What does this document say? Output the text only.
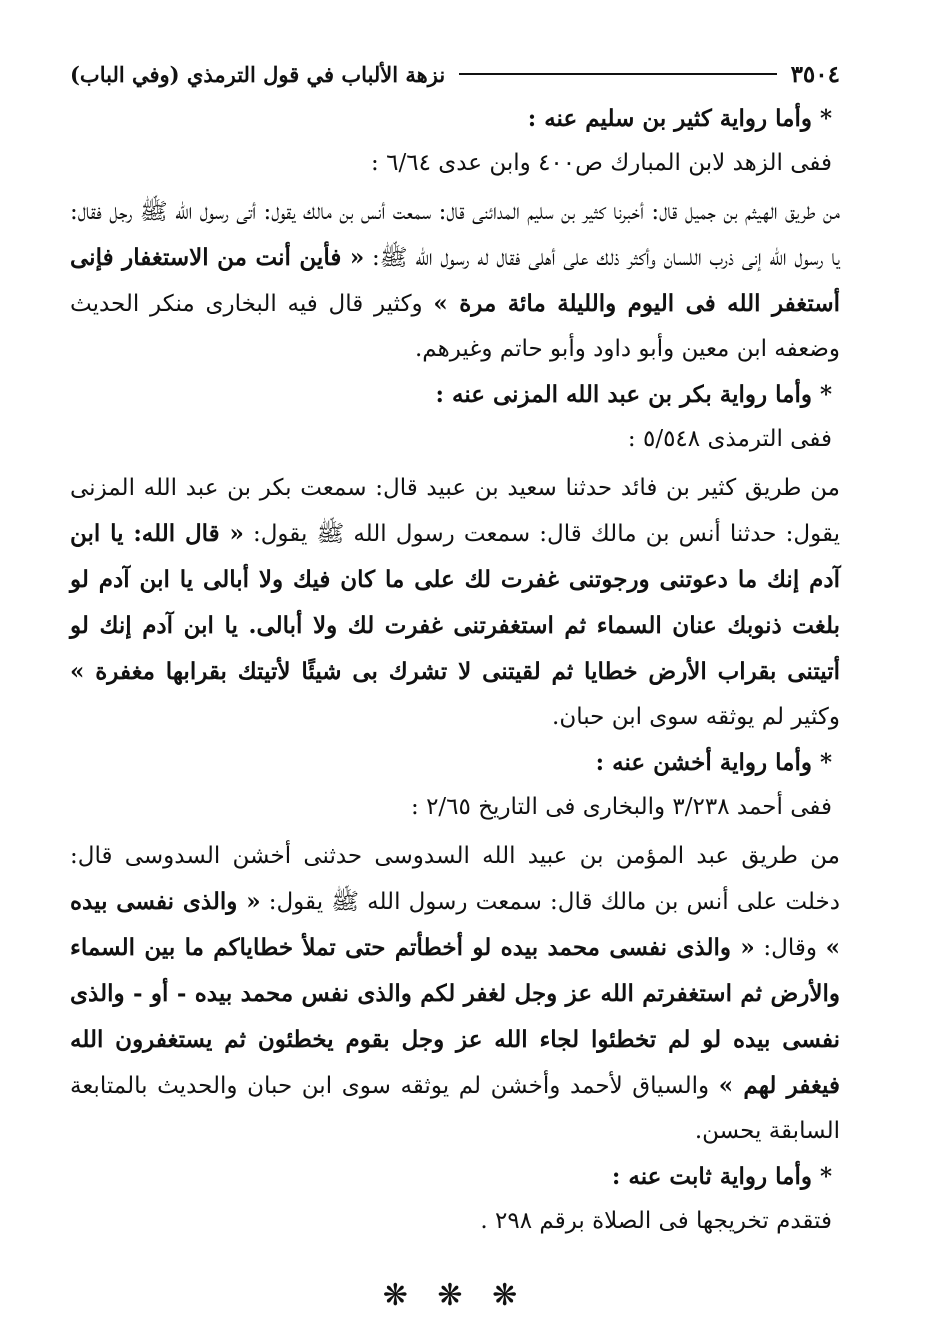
٣٥٠٤
نزهة الألباب في قول الترمذي (وفي الباب)
* وأما رواية كثير بن سليم عنه :
ففى الزهد لابن المبارك ص٤٠٠ وابن عدى ٦/٦٤ :

من طريق الهيثم بن جميل قال: أخبرنا كثير بن سليم المدائنى قال: سمعت أنس بن مالك يقول: أتى رسول الله ﷺ رجل فقال: يا رسول الله إنى ذرب اللسان وأكثر ذلك على أهلى فقال له رسول الله ﷺ: « فأين أنت من الاستغفار فإنى أستغفر الله فى اليوم والليلة مائة مرة » وكثير قال فيه البخارى منكر الحديث وضعفه ابن معين وأبو داود وأبو حاتم وغيرهم.

* وأما رواية بكر بن عبد الله المزنى عنه :
ففى الترمذى ٥/٥٤٨ :

من طريق كثير بن فائد حدثنا سعيد بن عبيد قال: سمعت بكر بن عبد الله المزنى يقول: حدثنا أنس بن مالك قال: سمعت رسول الله ﷺ يقول: « قال الله: يا ابن آدم إنك ما دعوتنى ورجوتنى غفرت لك على ما كان فيك ولا أبالى يا ابن آدم لو بلغت ذنوبك عنان السماء ثم استغفرتنى غفرت لك ولا أبالى. يا ابن آدم إنك لو أتيتنى بقراب الأرض خطايا ثم لقيتنى لا تشرك بى شيئًا لأتيتك بقرابها مغفرة » وكثير لم يوثقه سوى ابن حبان.

* وأما رواية أخشن عنه :
ففى أحمد ٣/٢٣٨ والبخارى فى التاريخ ٢/٦٥ :

من طريق عبد المؤمن بن عبيد الله السدوسى حدثنى أخشن السدوسى قال: دخلت على أنس بن مالك قال: سمعت رسول الله ﷺ يقول: « والذى نفسى بيده » وقال: « والذى نفسى محمد بيده لو أخطأتم حتى تملأ خطاياكم ما بين السماء والأرض ثم استغفرتم الله عز وجل لغفر لكم والذى نفس محمد بيده - أو - والذى نفسى بيده لو لم تخطئوا لجاء الله عز وجل بقوم يخطئون ثم يستغفرون الله فيغفر لهم » والسياق لأحمد وأخشن لم يوثقه سوى ابن حبان والحديث بالمتابعة السابقة يحسن.

* وأما رواية ثابت عنه :
فتقدم تخريجها فى الصلاة برقم ٢٩٨ .
❋ ❋ ❋
